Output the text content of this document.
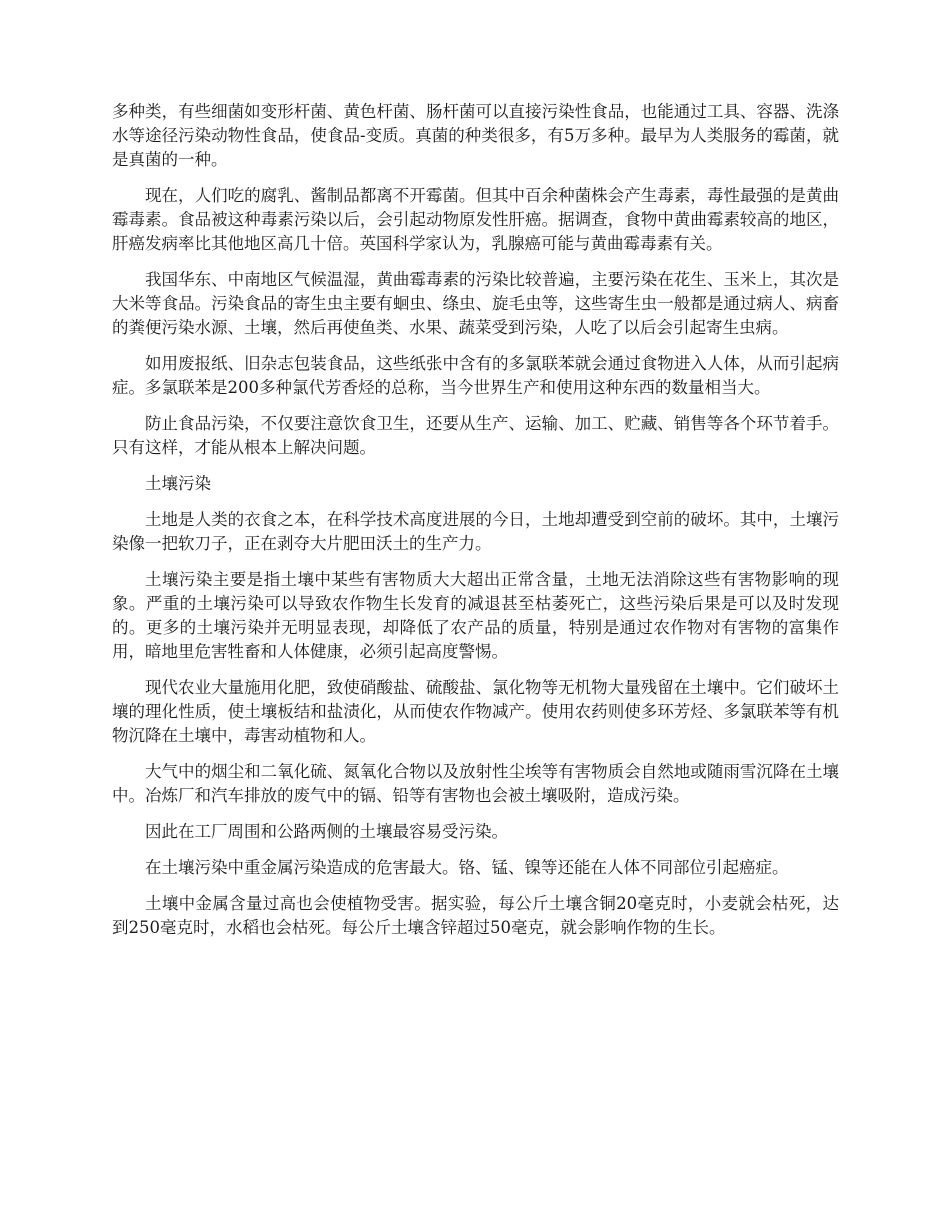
多种类，有些细菌如变形杆菌、黄色杆菌、肠杆菌可以直接污染性食品，也能通过工具、容器、洗涤水等途径污染动物性食品，使食品-变质。真菌的种类很多，有5万多种。最早为人类服务的霉菌，就是真菌的一种。

现在，人们吃的腐乳、酱制品都离不开霉菌。但其中百余种菌株会产生毒素，毒性最强的是黄曲霉毒素。食品被这种毒素污染以后，会引起动物原发性肝癌。据调查，食物中黄曲霉素较高的地区，肝癌发病率比其他地区高几十倍。英国科学家认为，乳腺癌可能与黄曲霉毒素有关。

我国华东、中南地区气候温湿，黄曲霉毒素的污染比较普遍，主要污染在花生、玉米上，其次是大米等食品。污染食品的寄生虫主要有蛔虫、绦虫、旋毛虫等，这些寄生虫一般都是通过病人、病畜的粪便污染水源、土壤，然后再使鱼类、水果、蔬菜受到污染，人吃了以后会引起寄生虫病。

如用废报纸、旧杂志包装食品，这些纸张中含有的多氯联苯就会通过食物进入人体，从而引起病症。多氯联苯是200多种氯代芳香烃的总称，当今世界生产和使用这种东西的数量相当大。

防止食品污染，不仅要注意饮食卫生，还要从生产、运输、加工、贮藏、销售等各个环节着手。只有这样，才能从根本上解决问题。

土壤污染

土地是人类的衣食之本，在科学技术高度进展的今日，土地却遭受到空前的破坏。其中，土壤污染像一把软刀子，正在剥夺大片肥田沃土的生产力。

土壤污染主要是指土壤中某些有害物质大大超出正常含量，土地无法消除这些有害物影响的现象。严重的土壤污染可以导致农作物生长发育的减退甚至枯萎死亡，这些污染后果是可以及时发现的。更多的土壤污染并无明显表现，却降低了农产品的质量，特别是通过农作物对有害物的富集作用，暗地里危害牲畜和人体健康，必须引起高度警惕。

现代农业大量施用化肥，致使硝酸盐、硫酸盐、氯化物等无机物大量残留在土壤中。它们破坏土壤的理化性质，使土壤板结和盐渍化，从而使农作物减产。使用农药则使多环芳烃、多氯联苯等有机物沉降在土壤中，毒害动植物和人。

大气中的烟尘和二氧化硫、氮氧化合物以及放射性尘埃等有害物质会自然地或随雨雪沉降在土壤中。冶炼厂和汽车排放的废气中的镉、铅等有害物也会被土壤吸附，造成污染。

因此在工厂周围和公路两侧的土壤最容易受污染。

在土壤污染中重金属污染造成的危害最大。铬、锰、镍等还能在人体不同部位引起癌症。

土壤中金属含量过高也会使植物受害。据实验，每公斤土壤含铜20毫克时，小麦就会枯死，达到250毫克时，水稻也会枯死。每公斤土壤含锌超过50毫克，就会影响作物的生长。
